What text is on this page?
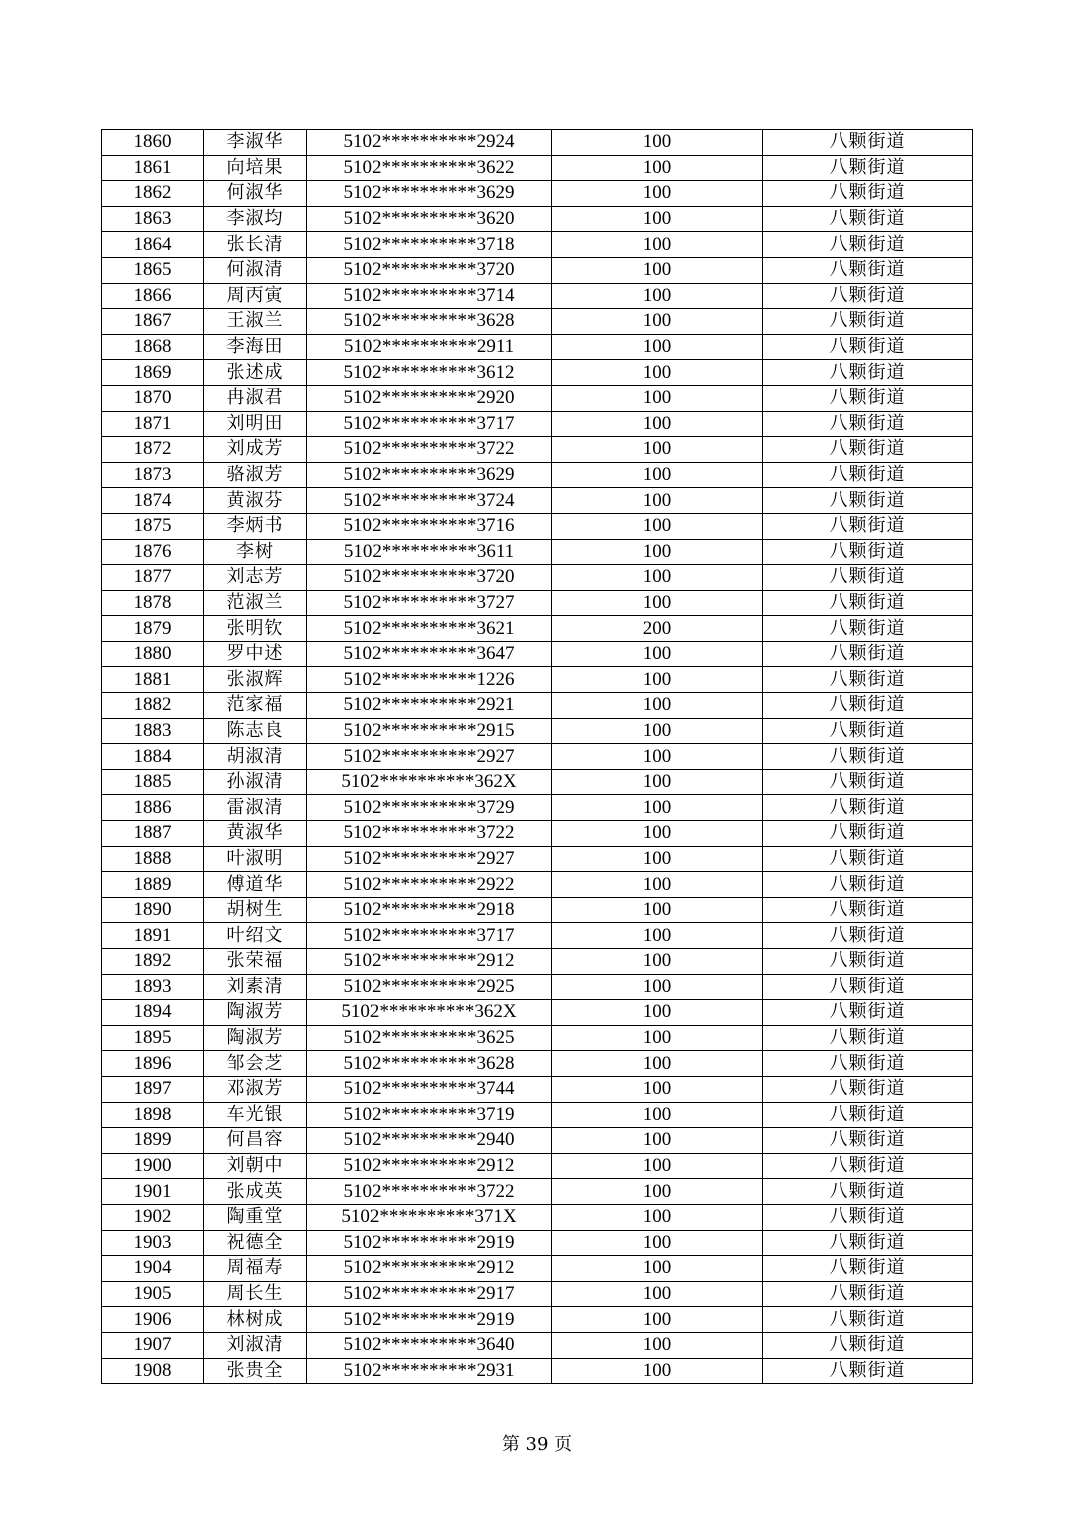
1860	李淑华	5102**********2924	100	八颗街道
1861	向培果	5102**********3622	100	八颗街道
1862	何淑华	5102**********3629	100	八颗街道
1863	李淑均	5102**********3620	100	八颗街道
1864	张长清	5102**********3718	100	八颗街道
1865	何淑清	5102**********3720	100	八颗街道
1866	周丙寅	5102**********3714	100	八颗街道
1867	王淑兰	5102**********3628	100	八颗街道
1868	李海田	5102**********2911	100	八颗街道
1869	张述成	5102**********3612	100	八颗街道
1870	冉淑君	5102**********2920	100	八颗街道
1871	刘明田	5102**********3717	100	八颗街道
1872	刘成芳	5102**********3722	100	八颗街道
1873	骆淑芳	5102**********3629	100	八颗街道
1874	黄淑芬	5102**********3724	100	八颗街道
1875	李炳书	5102**********3716	100	八颗街道
1876	李树	5102**********3611	100	八颗街道
1877	刘志芳	5102**********3720	100	八颗街道
1878	范淑兰	5102**********3727	100	八颗街道
1879	张明钦	5102**********3621	200	八颗街道
1880	罗中述	5102**********3647	100	八颗街道
1881	张淑辉	5102**********1226	100	八颗街道
1882	范家福	5102**********2921	100	八颗街道
1883	陈志良	5102**********2915	100	八颗街道
1884	胡淑清	5102**********2927	100	八颗街道
1885	孙淑清	5102**********362X	100	八颗街道
1886	雷淑清	5102**********3729	100	八颗街道
1887	黄淑华	5102**********3722	100	八颗街道
1888	叶淑明	5102**********2927	100	八颗街道
1889	傅道华	5102**********2922	100	八颗街道
1890	胡树生	5102**********2918	100	八颗街道
1891	叶绍文	5102**********3717	100	八颗街道
1892	张荣福	5102**********2912	100	八颗街道
1893	刘素清	5102**********2925	100	八颗街道
1894	陶淑芳	5102**********362X	100	八颗街道
1895	陶淑芳	5102**********3625	100	八颗街道
1896	邹会芝	5102**********3628	100	八颗街道
1897	邓淑芳	5102**********3744	100	八颗街道
1898	车光银	5102**********3719	100	八颗街道
1899	何昌容	5102**********2940	100	八颗街道
1900	刘朝中	5102**********2912	100	八颗街道
1901	张成英	5102**********3722	100	八颗街道
1902	陶重堂	5102**********371X	100	八颗街道
1903	祝德全	5102**********2919	100	八颗街道
1904	周福寿	5102**********2912	100	八颗街道
1905	周长生	5102**********2917	100	八颗街道
1906	林树成	5102**********2919	100	八颗街道
1907	刘淑清	5102**********3640	100	八颗街道
1908	张贵全	5102**********2931	100	八颗街道
第 39 页
